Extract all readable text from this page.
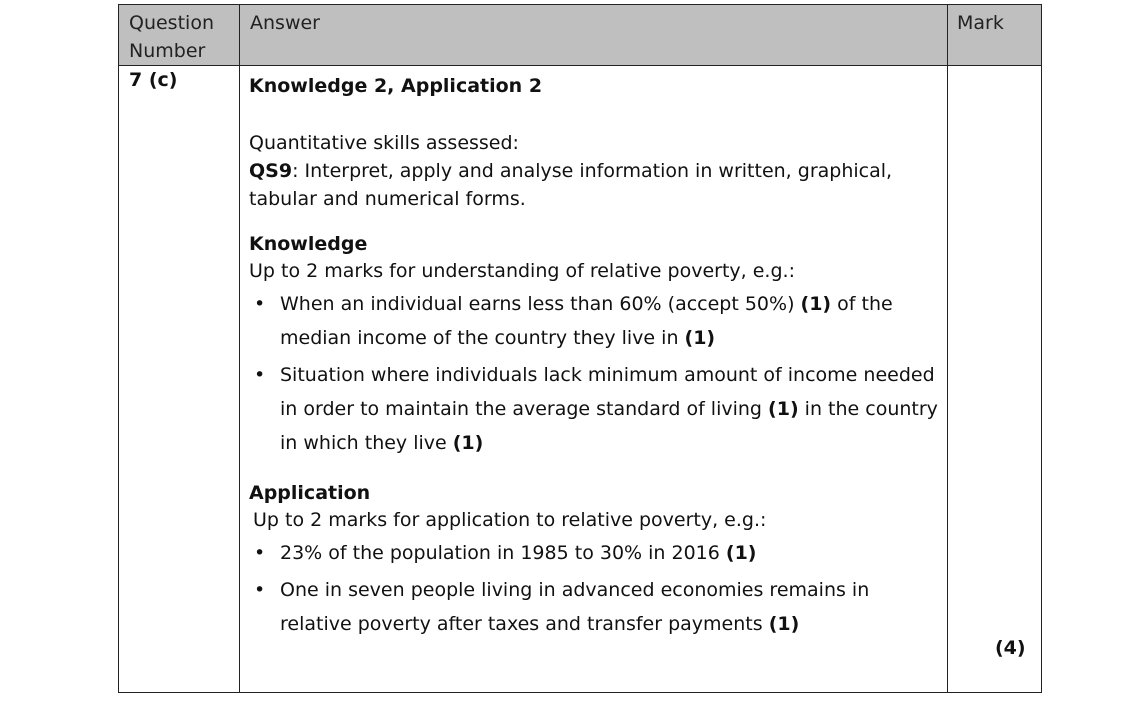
Question Number
Answer	Mark
7 (c)	Knowledge 2, Application 2
Quantitative skills assessed:
QS9: Interpret, apply and analyse information in written, graphical, tabular and numerical forms.
Knowledge
Up to 2 marks for understanding of relative poverty, e.g.:
• When an individual earns less than 60% (accept 50%) (1) of the median income of the country they live in (1)
• Situation where individuals lack minimum amount of income needed in order to maintain the average standard of living (1) in the country in which they live (1)
Application
Up to 2 marks for application to relative poverty, e.g.:
• 23% of the population in 1985 to 30% in 2016 (1)
• One in seven people living in advanced economies remains in relative poverty after taxes and transfer payments (1)
(4)
